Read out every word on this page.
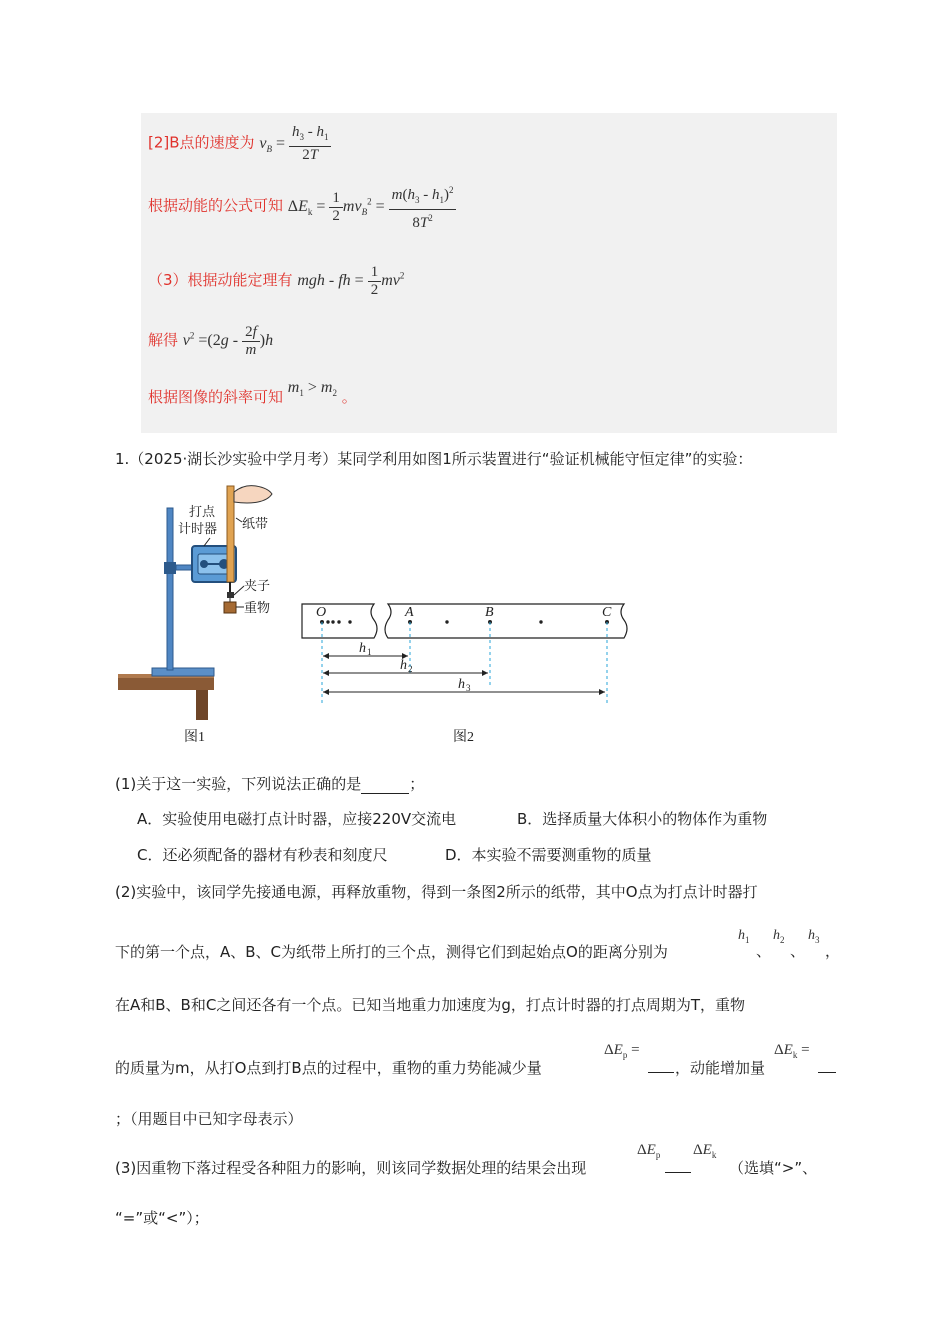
[2]B点的速度为 $v_B = \frac{h_3 - h_1}{2T}$
根据动能的公式可知 $\Delta E_k = \frac{1}{2} mv_B^2 = \frac{m(h_3 - h_1)^2}{8T^2}$
（3）根据动能定理有 mgh - fh = $\frac{1}{2} mv^2$
解得 $v^2 =(2g - \frac{2f}{m} )h$
根据图像的斜率可知 $m_1 > m_2$ 。
1.（2025·湖长沙实验中学月考）某同学利用如图1所示装置进行“验证机械能守恒定律”的实验：
打点
计时器 纸带
夹子
重物
图1
O	A	B	C
h
h
h
1
2
3
图2
(1)关于这一实验，下列说法正确的是	；
A．实验使用电磁打点计时器，应接220V交流电	B．选择质量大体积小的物体作为重物
C．还必须配备的器材有秒表和刻度尺	D．本实验不需要测重物的质量
(2)实验中，该同学先接通电源，再释放重物，得到一条图2所示的纸带，其中O点为打点计时器打
下的第一个点，A、B、C为纸带上所打的三个点，测得它们到起始点O的距离分别为
$h_1$
、
$h_2$
、
$h_3$
，
在A和B、B和C之间还各有一个点。已知当地重力加速度为g，打点计时器的打点周期为T，重物
的质量为m，从打O点到打B点的过程中，重物的重力势能减少量
$\Delta E_p$ =
，动能增加量
$\Delta E_k$ =
；（用题目中已知字母表示）
(3)因重物下落过程受各种阻力的影响，则该同学数据处理的结果会出现
$\Delta E_p$ $\Delta E_k$
（选填“>”、
“=”或“<”）；
